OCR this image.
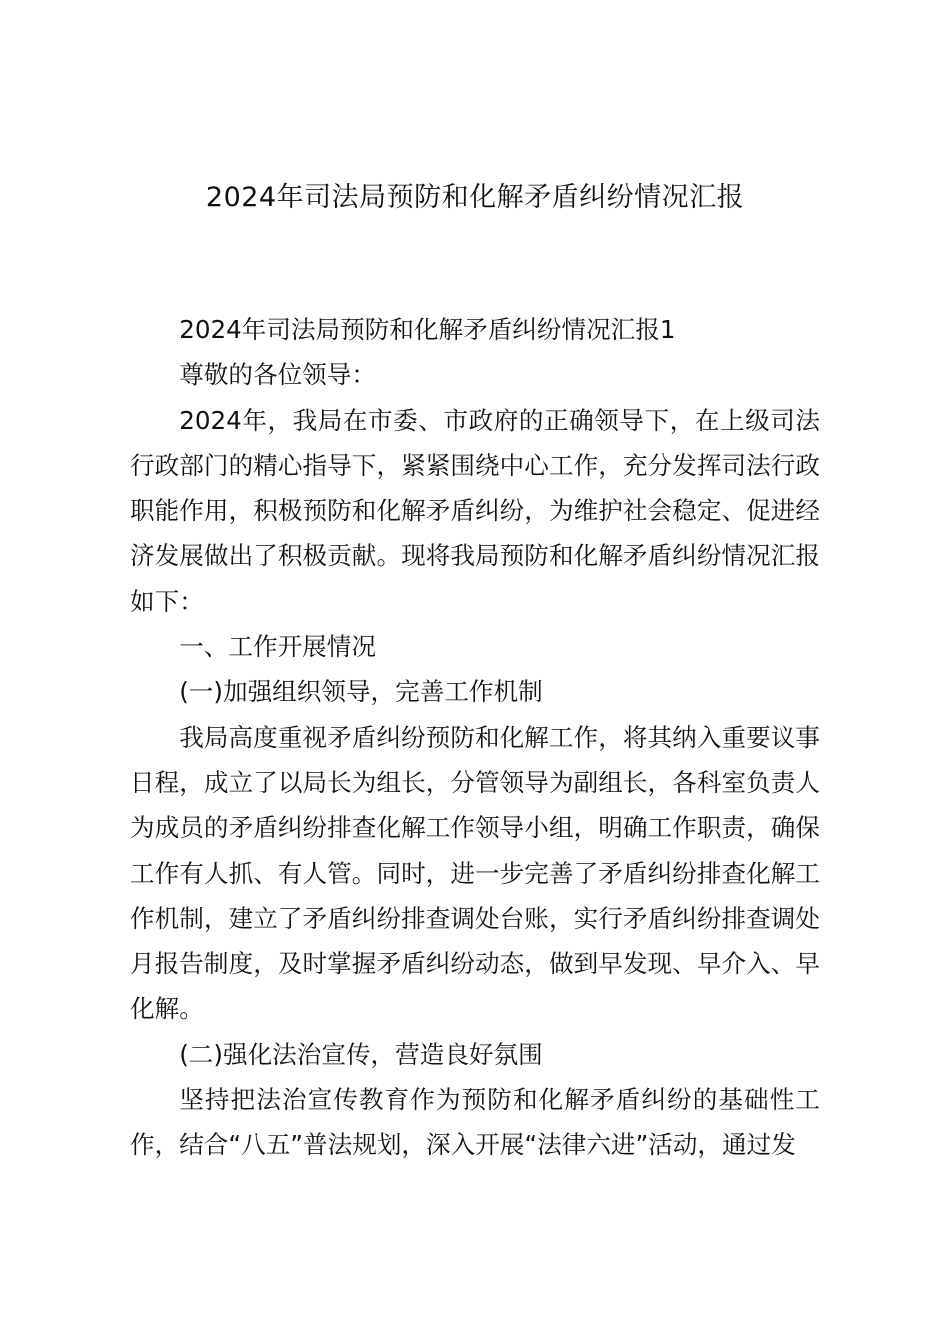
2024年司法局预防和化解矛盾纠纷情况汇报

2024年司法局预防和化解矛盾纠纷情况汇报1

尊敬的各位领导：

2024年，我局在市委、市政府的正确领导下，在上级司法行政部门的精心指导下，紧紧围绕中心工作，充分发挥司法行政职能作用，积极预防和化解矛盾纠纷，为维护社会稳定、促进经济发展做出了积极贡献。现将我局预防和化解矛盾纠纷情况汇报如下：

一、工作开展情况

(一)加强组织领导，完善工作机制

我局高度重视矛盾纠纷预防和化解工作，将其纳入重要议事日程，成立了以局长为组长，分管领导为副组长，各科室负责人为成员的矛盾纠纷排查化解工作领导小组，明确工作职责，确保工作有人抓、有人管。同时，进一步完善了矛盾纠纷排查化解工作机制，建立了矛盾纠纷排查调处台账，实行矛盾纠纷排查调处月报告制度，及时掌握矛盾纠纷动态，做到早发现、早介入、早化解。

(二)强化法治宣传，营造良好氛围

坚持把法治宣传教育作为预防和化解矛盾纠纷的基础性工作，结合“八五”普法规划，深入开展“法律六进”活动，通过发
